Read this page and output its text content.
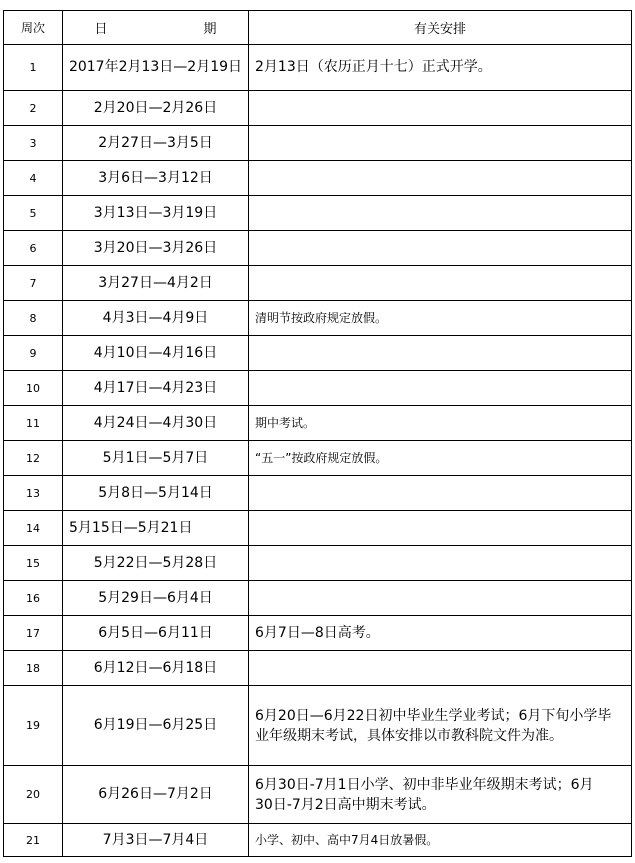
周次	日 期	有关安排
1	2017年2月13日—2月19日	2月13日（农历正月十七）正式开学。
2	2月20日—2月26日	
3	2月27日—3月5日	
4	3月6日—3月12日	
5	3月13日—3月19日	
6	3月20日—3月26日	
7	3月27日—4月2日	
8	4月3日—4月9日	清明节按政府规定放假。
9	4月10日—4月16日	
10	4月17日—4月23日	
11	4月24日—4月30日	期中考试。
12	5月1日—5月7日	“五一”按政府规定放假。
13	5月8日—5月14日	
14	5月15日—5月21日	
15	5月22日—5月28日	
16	5月29日—6月4日	
17	6月5日—6月11日	6月7日—8日高考。
18	6月12日—6月18日	
19	6月19日—6月25日	6月20日—6月22日初中毕业生学业考试；6月下旬小学毕业年级期末考试，具体安排以市教科院文件为准。
20	6月26日—7月2日	6月30日-7月1日小学、初中非毕业年级期末考试；6月30日-7月2日高中期末考试。
21	7月3日—7月4日	小学、初中、高中7月4日放暑假。
